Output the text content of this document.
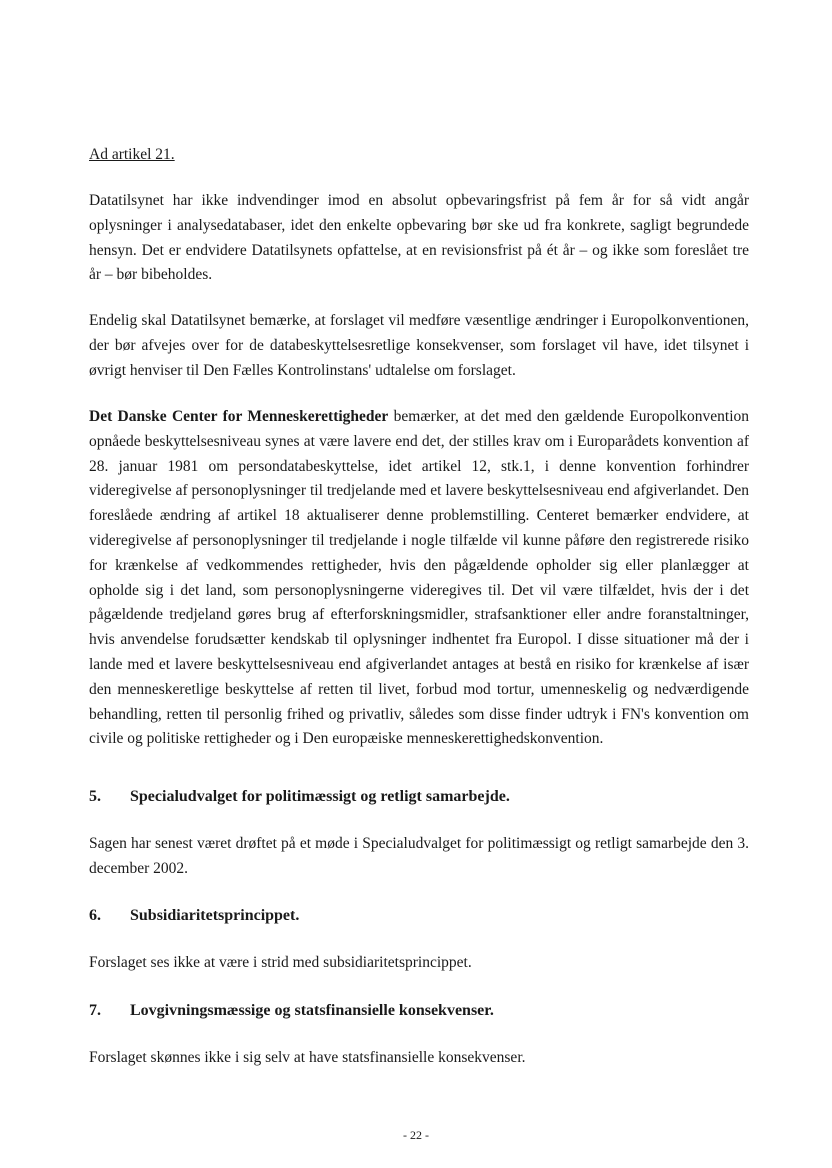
Ad artikel 21.

Datatilsynet har ikke indvendinger imod en absolut opbevaringsfrist på fem år for så vidt angår oplysninger i analysedatabaser, idet den enkelte opbevaring bør ske ud fra konkrete, sagligt begrundede hensyn. Det er endvidere Datatilsynets opfattelse, at en revisionsfrist på ét år – og ikke som foreslået tre år – bør bibeholdes.

Endelig skal Datatilsynet bemærke, at forslaget vil medføre væsentlige ændringer i Europolkonventionen, der bør afvejes over for de databeskyttelsesretlige konsekvenser, som forslaget vil have, idet tilsynet i øvrigt henviser til Den Fælles Kontrolinstans' udtalelse om forslaget.

Det Danske Center for Menneskerettigheder bemærker, at det med den gældende Europolkonvention opnåede beskyttelsesniveau synes at være lavere end det, der stilles krav om i Europarådets konvention af 28. januar 1981 om persondatabeskyttelse, idet artikel 12, stk.1, i denne konvention forhindrer videregivelse af personoplysninger til tredjelande med et lavere beskyttelsesniveau end afgiverlandet. Den foreslåede ændring af artikel 18 aktualiserer denne problemstilling. Centeret bemærker endvidere, at videregivelse af personoplysninger til tredjelande i nogle tilfælde vil kunne påføre den registrerede risiko for krænkelse af vedkommendes rettigheder, hvis den pågældende opholder sig eller planlægger at opholde sig i det land, som personoplysningerne videregives til. Det vil være tilfældet, hvis der i det pågældende tredjeland gøres brug af efterforskningsmidler, strafsanktioner eller andre foranstaltninger, hvis anvendelse forudsætter kendskab til oplysninger indhentet fra Europol. I disse situationer må der i lande med et lavere beskyttelsesniveau end afgiverlandet antages at bestå en risiko for krænkelse af især den menneskeretlige beskyttelse af retten til livet, forbud mod tortur, umenneskelig og nedværdigende behandling, retten til personlig frihed og privatliv, således som disse finder udtryk i FN's konvention om civile og politiske rettigheder og i Den europæiske menneskerettighedskonvention.

5. Specialudvalget for politimæssigt og retligt samarbejde.

Sagen har senest været drøftet på et møde i Specialudvalget for politimæssigt og retligt samarbejde den 3. december 2002.

6. Subsidiaritetsprincippet.

Forslaget ses ikke at være i strid med subsidiaritetsprincippet.

7. Lovgivningsmæssige og statsfinansielle konsekvenser.

Forslaget skønnes ikke i sig selv at have statsfinansielle konsekvenser.

- 22 -
